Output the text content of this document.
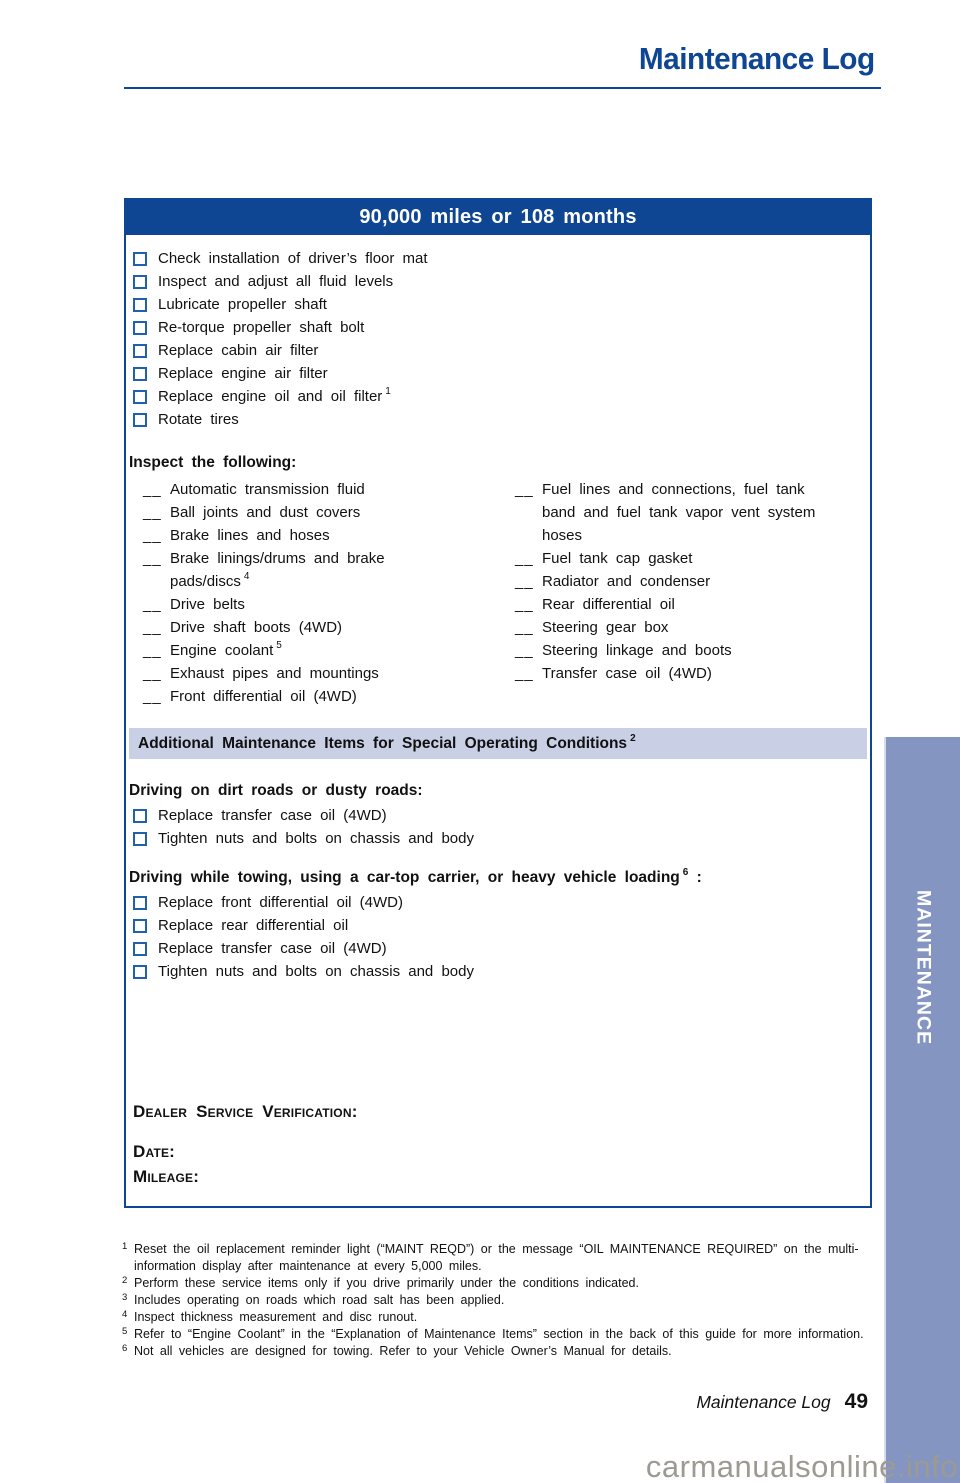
Maintenance Log
90,000 miles or 108 months
Check installation of driver’s floor mat
Inspect and adjust all fluid levels
Lubricate propeller shaft
Re-torque propeller shaft bolt
Replace cabin air filter
Replace engine air filter
Replace engine oil and oil filter $^1$
Rotate tires
Inspect the following:
__ Automatic transmission fluid
__ Ball joints and dust covers
__ Brake lines and hoses
__ Brake linings/drums and brake pads/discs $^4$
__ Drive belts
__ Drive shaft boots (4WD)
__ Engine coolant $^5$
__ Exhaust pipes and mountings
__ Front differential oil (4WD)
__ Fuel lines and connections, fuel tank band and fuel tank vapor vent system hoses
__ Fuel tank cap gasket
__ Radiator and condenser
__ Rear differential oil
__ Steering gear box
__ Steering linkage and boots
__ Transfer case oil (4WD)
Additional Maintenance Items for Special Operating Conditions $^2$
Driving on dirt roads or dusty roads:
Replace transfer case oil (4WD)
Tighten nuts and bolts on chassis and body
Driving while towing, using a car-top carrier, or heavy vehicle loading $^6$ :
Replace front differential oil (4WD)
Replace rear differential oil
Replace transfer case oil (4WD)
Tighten nuts and bolts on chassis and body
Dealer Service Verification:
Date:
Mileage:
1 Reset the oil replacement reminder light (“MAINT REQD”) or the message “OIL MAINTENANCE REQUIRED” on the multi-information display after maintenance at every 5,000 miles.
2 Perform these service items only if you drive primarily under the conditions indicated.
3 Includes operating on roads which road salt has been applied.
4 Inspect thickness measurement and disc runout.
5 Refer to “Engine Coolant” in the “Explanation of Maintenance Items” section in the back of this guide for more information.
6 Not all vehicles are designed for towing. Refer to your Vehicle Owner’s Manual for details.
Maintenance Log 49
MAINTENANCE
carmanualsonline.info
